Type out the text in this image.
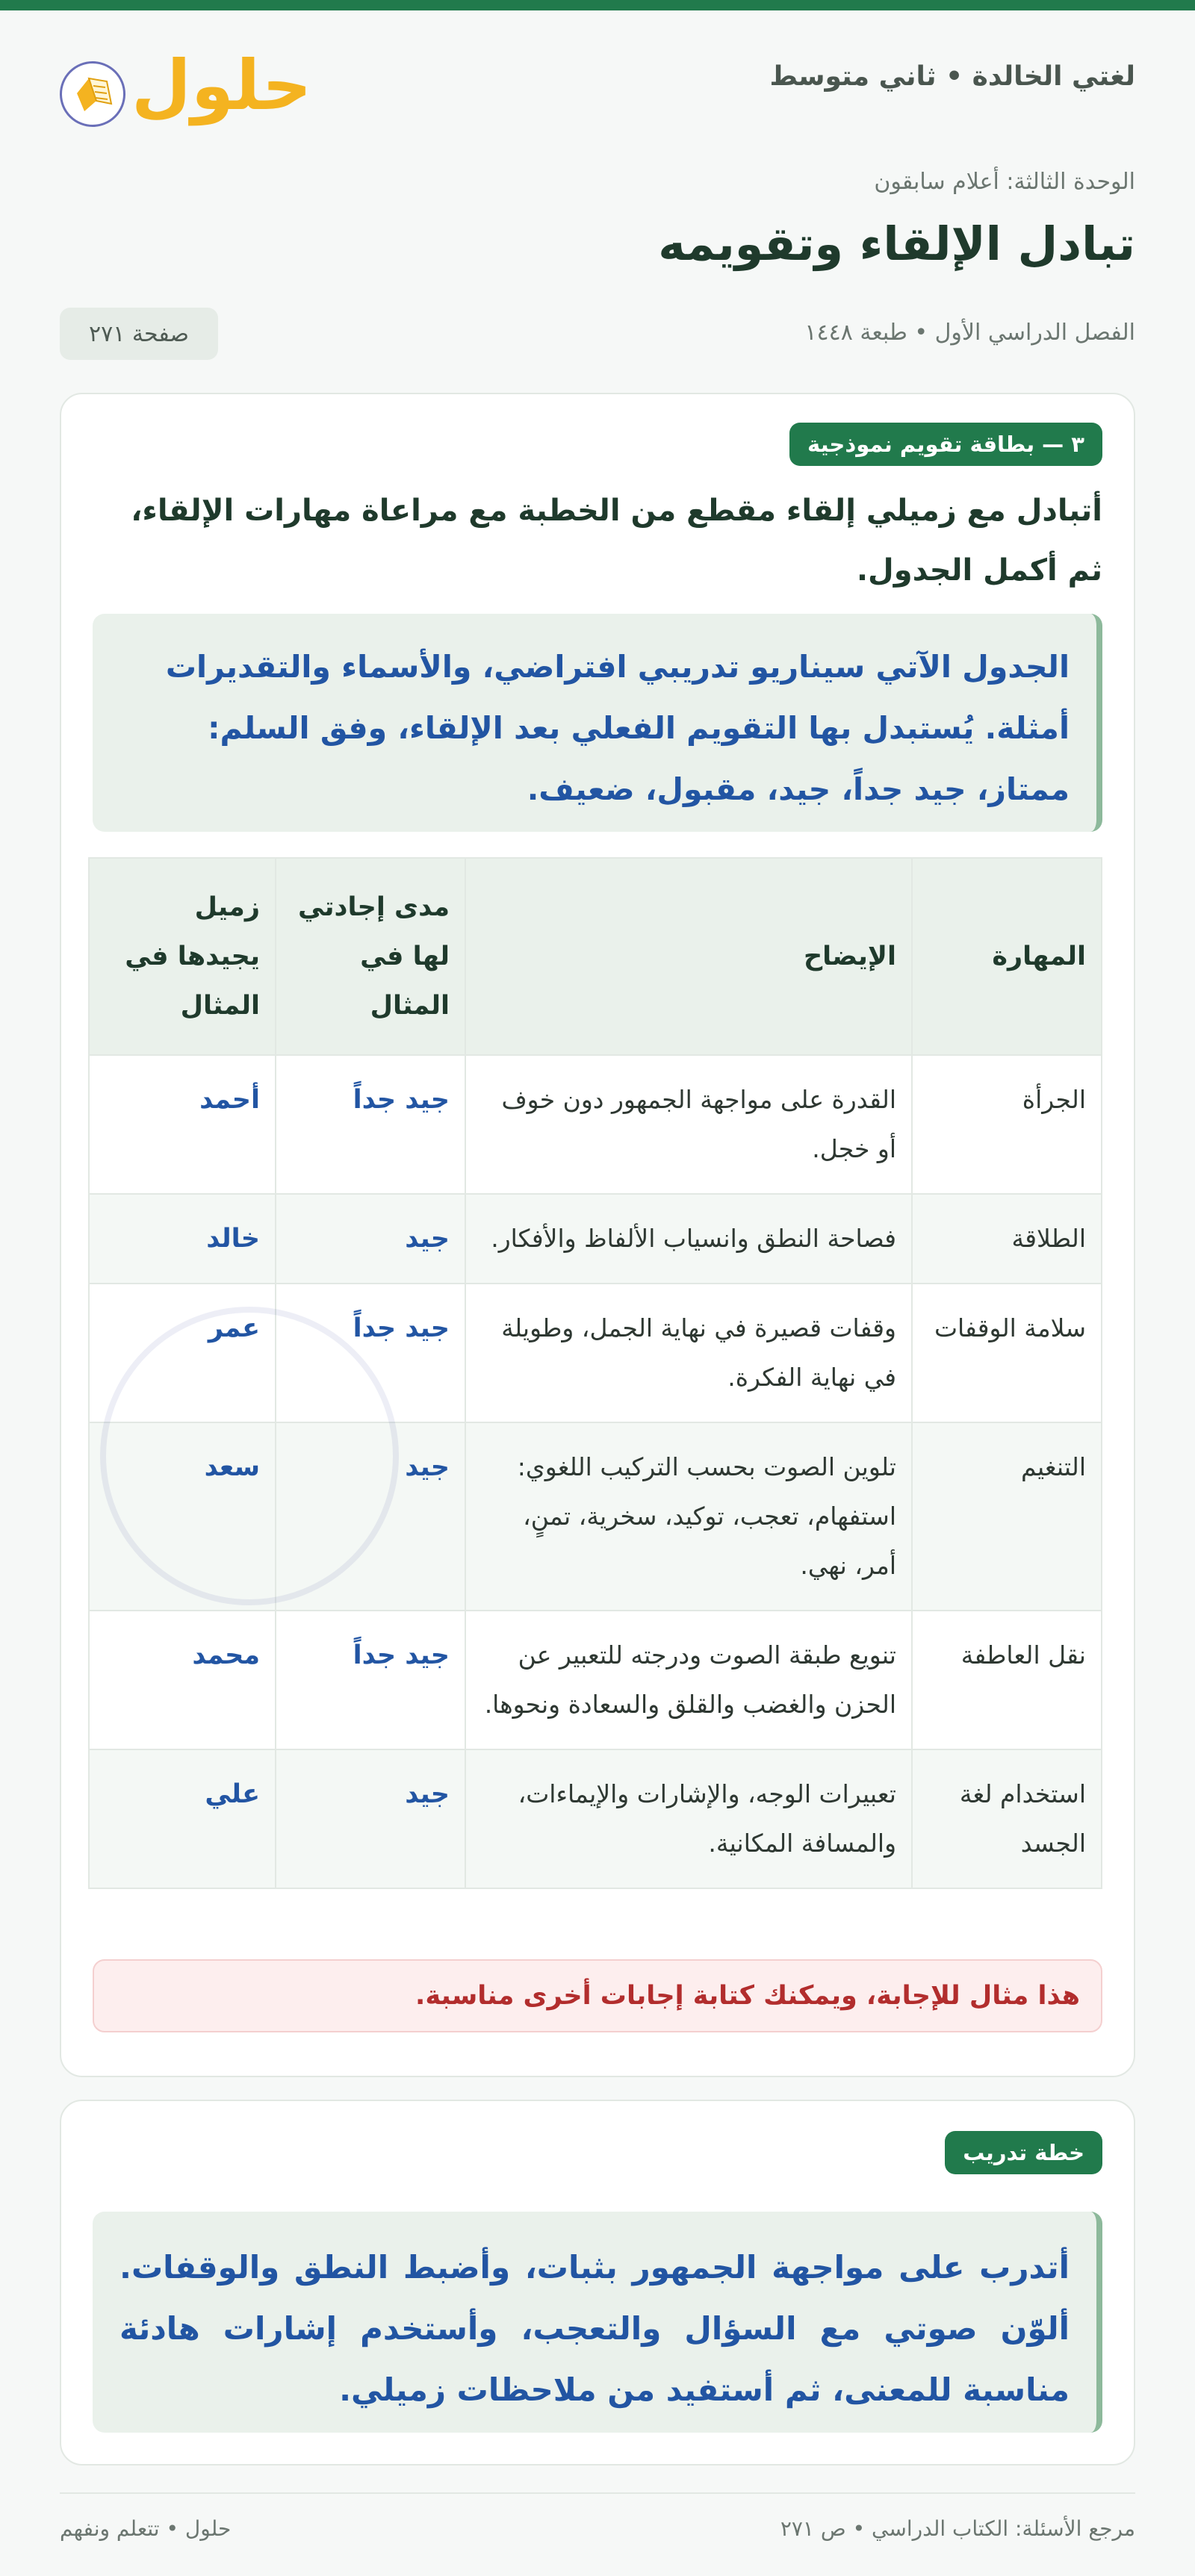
لغتي الخالدة • ثاني متوسط
حلول
الوحدة الثالثة: أعلام سابقون
تبادل الإلقاء وتقويمه
الفصل الدراسي الأول • طبعة ١٤٤٨
صفحة ٢٧١
٣ — بطاقة تقويم نموذجية
أتبادل مع زميلي إلقاء مقطع من الخطبة مع مراعاة مهارات الإلقاء، ثم أكمل الجدول.
الجدول الآتي سيناريو تدريبي افتراضي، والأسماء والتقديرات أمثلة. يُستبدل بها التقويم الفعلي بعد الإلقاء، وفق السلم: ممتاز، جيد جداً، جيد، مقبول، ضعيف.
المهارة	الإيضاح	مدى إجادتي لها في المثال	زميل يجيدها في المثال
الجرأة	القدرة على مواجهة الجمهور دون خوف أو خجل.	جيد جداً	أحمد
الطلاقة	فصاحة النطق وانسياب الألفاظ والأفكار.	جيد	خالد
سلامة الوقفات	وقفات قصيرة في نهاية الجمل، وطويلة في نهاية الفكرة.	جيد جداً	عمر
التنغيم	تلوين الصوت بحسب التركيب اللغوي: استفهام، تعجب، توكيد، سخرية، تمنٍ، أمر، نهي.	جيد	سعد
نقل العاطفة	تنويع طبقة الصوت ودرجته للتعبير عن الحزن والغضب والقلق والسعادة ونحوها.	جيد جداً	محمد
استخدام لغة الجسد	تعبيرات الوجه، والإشارات والإيماءات، والمسافة المكانية.	جيد	علي
هذا مثال للإجابة، ويمكنك كتابة إجابات أخرى مناسبة.
خطة تدريب
أتدرب على مواجهة الجمهور بثبات، وأضبط النطق والوقفات. ألوّن صوتي مع السؤال والتعجب، وأستخدم إشارات هادئة مناسبة للمعنى، ثم أستفيد من ملاحظات زميلي.
مرجع الأسئلة: الكتاب الدراسي • ص ٢٧١
حلول • تتعلم ونفهم
